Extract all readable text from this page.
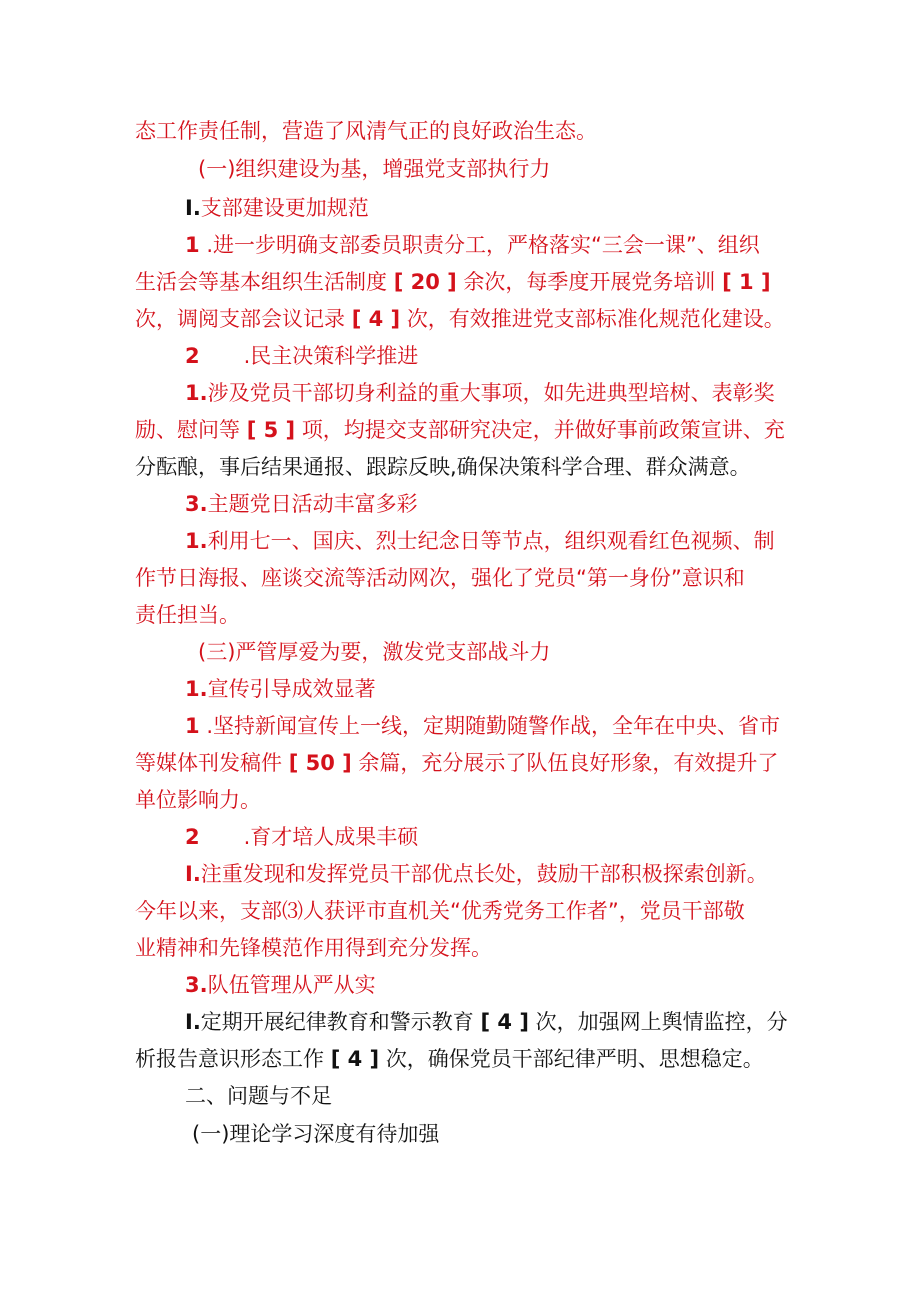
态工作责任制，营造了风清气正的良好政治生态。
(一)组织建设为基，增强党支部执行力
I.支部建设更加规范
1 .进一步明确支部委员职责分工，严格落实“三会一课”、组织
生活会等基本组织生活制度 [ 20 ] 余次，每季度开展党务培训 [ 1 ]
次，调阅支部会议记录 [ 4 ] 次，有效推进党支部标准化规范化建设。
2 .民主决策科学推进
1.涉及党员干部切身利益的重大事项，如先进典型培树、表彰奖
励、慰问等 [ 5 ] 项，均提交支部研究决定，并做好事前政策宣讲、充
分酝酿，事后结果通报、跟踪反映,确保决策科学合理、群众满意。
3.主题党日活动丰富多彩
1.利用七一、国庆、烈士纪念日等节点，组织观看红色视频、制
作节日海报、座谈交流等活动网次，强化了党员“第一身份”意识和
责任担当。
(三)严管厚爱为要，激发党支部战斗力
1.宣传引导成效显著
1 .坚持新闻宣传上一线，定期随勤随警作战，全年在中央、省市
等媒体刊发稿件 [ 50 ] 余篇，充分展示了队伍良好形象，有效提升了
单位影响力。
2 .育才培人成果丰硕
I.注重发现和发挥党员干部优点长处，鼓励干部积极探索创新。
今年以来，支部⑶人获评市直机关“优秀党务工作者”，党员干部敬
业精神和先锋模范作用得到充分发挥。
3.队伍管理从严从实
I.定期开展纪律教育和警示教育 [ 4 ] 次，加强网上舆情监控，分
析报告意识形态工作 [ 4 ] 次，确保党员干部纪律严明、思想稳定。
二、问题与不足
(一)理论学习深度有待加强
